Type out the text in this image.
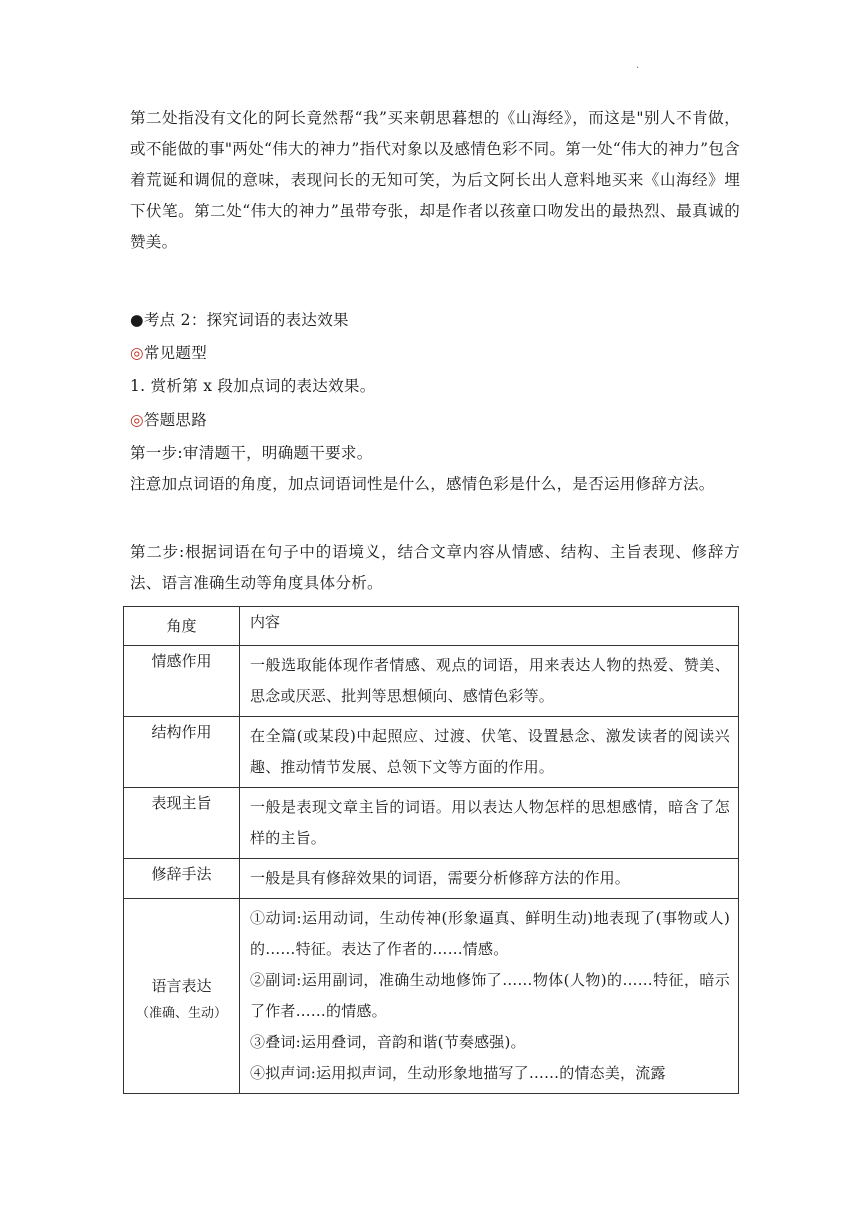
.
第二处指没有文化的阿长竟然帮“我”买来朝思暮想的《山海经》，而这是"别人不肯做，或不能做的事"两处“伟大的神力”指代对象以及感情色彩不同。第一处“伟大的神力”包含着荒诞和调侃的意味，表现问长的无知可笑，为后文阿长出人意料地买来《山海经》埋下伏笔。第二处“伟大的神力”虽带夸张，却是作者以孩童口吻发出的最热烈、最真诚的赞美。
●考点 2：探究词语的表达效果
◎常见题型
1. 赏析第 x 段加点词的表达效果。
◎答题思路
第一步:审清题干，明确题干要求。
注意加点词语的角度，加点词语词性是什么，感情色彩是什么，是否运用修辞方法。
第二步:根据词语在句子中的语境义，结合文章内容从情感、结构、主旨表现、修辞方法、语言准确生动等角度具体分析。
角度	内容
情感作用	一般选取能体现作者情感、观点的词语，用来表达人物的热爱、赞美、思念或厌恶、批判等思想倾向、感情色彩等。
结构作用	在全篇(或某段)中起照应、过渡、伏笔、设置悬念、激发读者的阅读兴趣、推动情节发展、总领下文等方面的作用。
表现主旨	一般是表现文章主旨的词语。用以表达人物怎样的思想感情，暗含了怎样的主旨。
修辞手法	一般是具有修辞效果的词语，需要分析修辞方法的作用。
语言表达
（准确、生动）	①动词:运用动词，生动传神(形象逼真、鲜明生动)地表现了(事物或人)的……特征。表达了作者的……情感。
②副词:运用副词，准确生动地修饰了……物体(人物)的……特征，暗示了作者……的情感。
③叠词:运用叠词，音韵和谐(节奏感强)。
④拟声词:运用拟声词，生动形象地描写了……的情态美，流露
